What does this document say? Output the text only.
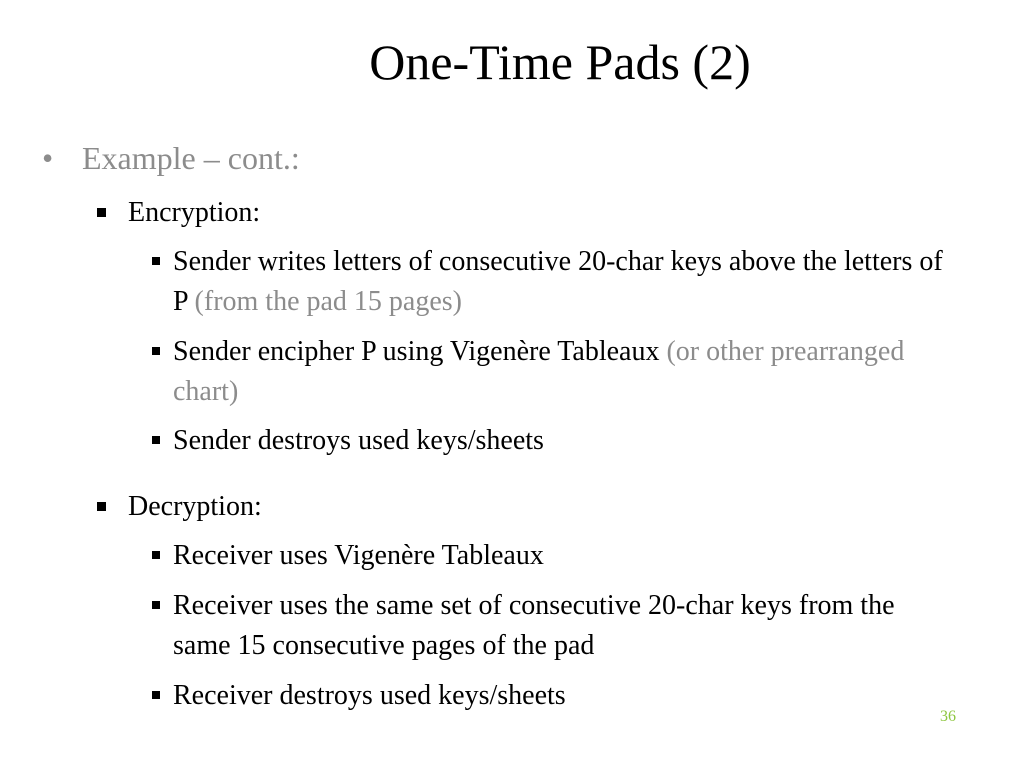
One-Time Pads (2)
• Example – cont.:
Encryption:
Sender writes letters of consecutive 20-char keys above the letters of P (from the pad 15 pages)
Sender encipher P using Vigenère Tableaux (or other prearranged chart)
Sender destroys used keys/sheets
Decryption:
Receiver uses Vigenère Tableaux
Receiver uses the same set of consecutive 20-char keys from the same 15 consecutive pages of the pad
Receiver destroys used keys/sheets
36
